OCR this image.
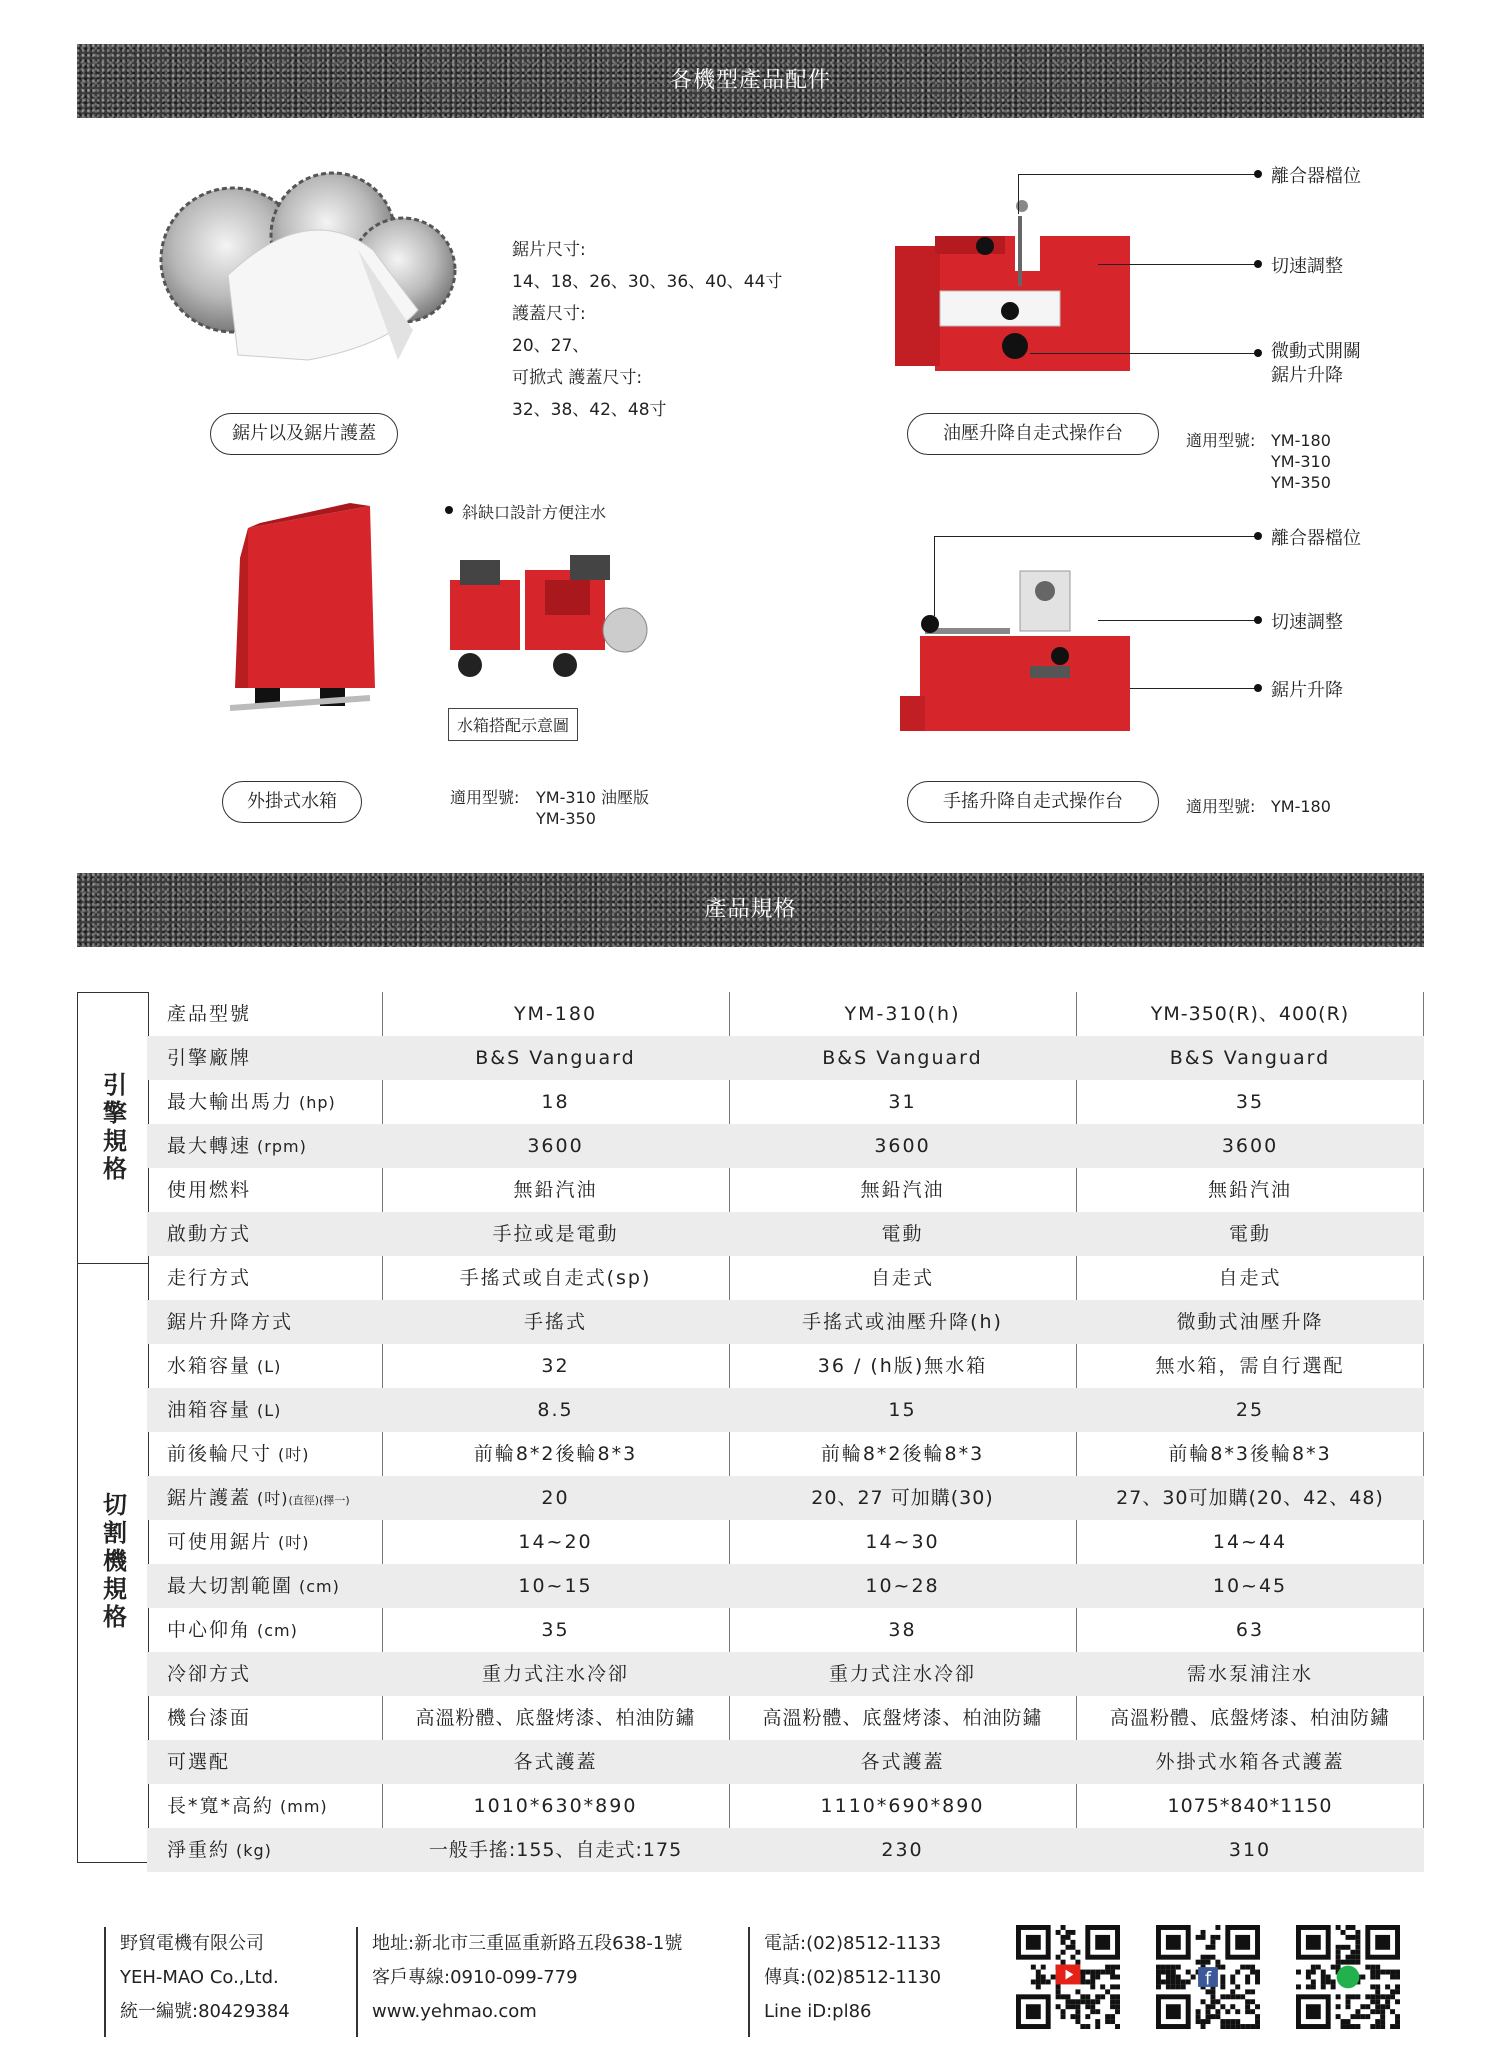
各機型產品配件
鋸片尺寸:
14、18、26、30、36、40、44寸
護蓋尺寸:
20、27、
可掀式 護蓋尺寸:
32、38、42、48寸
鋸片以及鋸片護蓋
離合器檔位
切速調整
微動式開關
鋸片升降
油壓升降自走式操作台	適用型號: YM-180
YM-310
YM-350
斜缺口設計方便注水
水箱搭配示意圖
外掛式水箱	適用型號: YM-310 油壓版
YM-350
離合器檔位
切速調整
鋸片升降
手搖升降自走式操作台	適用型號: YM-180
產品規格
引擎規格
切割機規格
產品型號	YM-180	YM-310(h)	YM-350(R)、400(R)
引擎廠牌	B&S Vanguard	B&S Vanguard	B&S Vanguard
最大輸出馬力 (hp)	18	31	35
最大轉速 (rpm)	3600	3600	3600
使用燃料	無鉛汽油	無鉛汽油	無鉛汽油
啟動方式	手拉或是電動	電動	電動
走行方式	手搖式或自走式(sp)	自走式	自走式
鋸片升降方式	手搖式	手搖式或油壓升降(h)	微動式油壓升降
水箱容量 (L)	32	36 / (h版)無水箱	無水箱，需自行選配
油箱容量 (L)	8.5	15	25
前後輪尺寸 (吋)	前輪8*2後輪8*3	前輪8*2後輪8*3	前輪8*3後輪8*3
鋸片護蓋 (吋)(直徑)(擇一)	20	20、27 可加購(30)	27、30可加購(20、42、48)
可使用鋸片 (吋)	14~20	14~30	14~44
最大切割範圍 (cm)	10~15	10~28	10~45
中心仰角 (cm)	35	38	63
冷卻方式	重力式注水冷卻	重力式注水冷卻	需水泵浦注水
機台漆面	高溫粉體、底盤烤漆、柏油防鏽	高溫粉體、底盤烤漆、柏油防鏽	高溫粉體、底盤烤漆、柏油防鏽
可選配	各式護蓋	各式護蓋	外掛式水箱各式護蓋
長*寬*高約 (mm)	1010*630*890	1110*690*890	1075*840*1150
淨重約 (kg)	一般手搖:155、自走式:175	230	310
野貿電機有限公司
YEH-MAO Co.,Ltd.
統一編號:80429384
地址:新北市三重區重新路五段638-1號
客戶專線:0910-099-779
www.yehmao.com
電話:(02)8512-1133
傳真:(02)8512-1130
Line iD:pl86
f
